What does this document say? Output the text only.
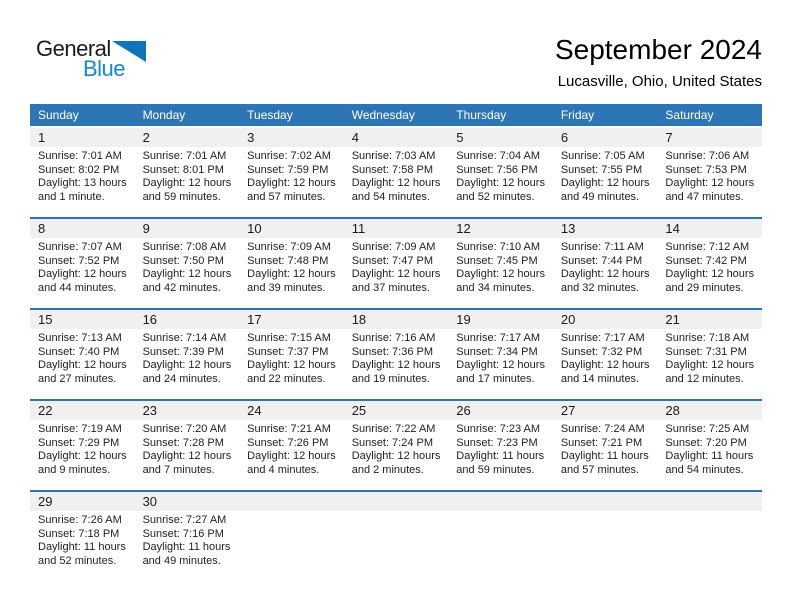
General
Blue
September 2024
Lucasville, Ohio, United States
Sunday	Monday	Tuesday	Wednesday	Thursday	Friday	Saturday
1	2	3	4	5	6	7
Sunrise: 7:01 AM
Sunset: 8:02 PM
Daylight: 13 hours
and 1 minute.
Sunrise: 7:01 AM
Sunset: 8:01 PM
Daylight: 12 hours
and 59 minutes.
Sunrise: 7:02 AM
Sunset: 7:59 PM
Daylight: 12 hours
and 57 minutes.
Sunrise: 7:03 AM
Sunset: 7:58 PM
Daylight: 12 hours
and 54 minutes.
Sunrise: 7:04 AM
Sunset: 7:56 PM
Daylight: 12 hours
and 52 minutes.
Sunrise: 7:05 AM
Sunset: 7:55 PM
Daylight: 12 hours
and 49 minutes.
Sunrise: 7:06 AM
Sunset: 7:53 PM
Daylight: 12 hours
and 47 minutes.
8	9	10	11	12	13	14
Sunrise: 7:07 AM
Sunset: 7:52 PM
Daylight: 12 hours
and 44 minutes.
Sunrise: 7:08 AM
Sunset: 7:50 PM
Daylight: 12 hours
and 42 minutes.
Sunrise: 7:09 AM
Sunset: 7:48 PM
Daylight: 12 hours
and 39 minutes.
Sunrise: 7:09 AM
Sunset: 7:47 PM
Daylight: 12 hours
and 37 minutes.
Sunrise: 7:10 AM
Sunset: 7:45 PM
Daylight: 12 hours
and 34 minutes.
Sunrise: 7:11 AM
Sunset: 7:44 PM
Daylight: 12 hours
and 32 minutes.
Sunrise: 7:12 AM
Sunset: 7:42 PM
Daylight: 12 hours
and 29 minutes.
15	16	17	18	19	20	21
Sunrise: 7:13 AM
Sunset: 7:40 PM
Daylight: 12 hours
and 27 minutes.
Sunrise: 7:14 AM
Sunset: 7:39 PM
Daylight: 12 hours
and 24 minutes.
Sunrise: 7:15 AM
Sunset: 7:37 PM
Daylight: 12 hours
and 22 minutes.
Sunrise: 7:16 AM
Sunset: 7:36 PM
Daylight: 12 hours
and 19 minutes.
Sunrise: 7:17 AM
Sunset: 7:34 PM
Daylight: 12 hours
and 17 minutes.
Sunrise: 7:17 AM
Sunset: 7:32 PM
Daylight: 12 hours
and 14 minutes.
Sunrise: 7:18 AM
Sunset: 7:31 PM
Daylight: 12 hours
and 12 minutes.
22	23	24	25	26	27	28
Sunrise: 7:19 AM
Sunset: 7:29 PM
Daylight: 12 hours
and 9 minutes.
Sunrise: 7:20 AM
Sunset: 7:28 PM
Daylight: 12 hours
and 7 minutes.
Sunrise: 7:21 AM
Sunset: 7:26 PM
Daylight: 12 hours
and 4 minutes.
Sunrise: 7:22 AM
Sunset: 7:24 PM
Daylight: 12 hours
and 2 minutes.
Sunrise: 7:23 AM
Sunset: 7:23 PM
Daylight: 11 hours
and 59 minutes.
Sunrise: 7:24 AM
Sunset: 7:21 PM
Daylight: 11 hours
and 57 minutes.
Sunrise: 7:25 AM
Sunset: 7:20 PM
Daylight: 11 hours
and 54 minutes.
29	30
Sunrise: 7:26 AM
Sunset: 7:18 PM
Daylight: 11 hours
and 52 minutes.
Sunrise: 7:27 AM
Sunset: 7:16 PM
Daylight: 11 hours
and 49 minutes.
